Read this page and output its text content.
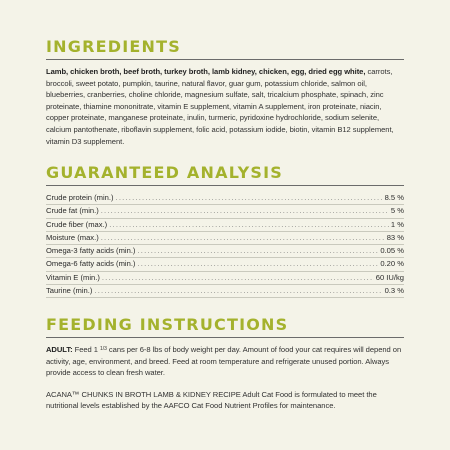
INGREDIENTS
Lamb, chicken broth, beef broth, turkey broth, lamb kidney, chicken, egg, dried egg white, carrots, broccoli, sweet potato, pumpkin, taurine, natural flavor, guar gum, potassium chloride, salmon oil, blueberries, cranberries, choline chloride, magnesium sulfate, salt, tricalcium phosphate, spinach, zinc proteinate, thiamine mononitrate, vitamin E supplement, vitamin A supplement, iron proteinate, niacin, copper proteinate, manganese proteinate, inulin, turmeric, pyridoxine hydrochloride, sodium selenite, calcium pantothenate, riboflavin supplement, folic acid, potassium iodide, biotin, vitamin B12 supplement, vitamin D3 supplement.
GUARANTEED ANALYSIS
Crude protein (min.) .....	8.5 %
Crude fat (min.) .....	5 %
Crude fiber (max.) .....	1 %
Moisture (max.) .....	83 %
Omega-3 fatty acids (min.) .....	0.05 %
Omega-6 fatty acids (min.) .....	0.20 %
Vitamin E (min.) .....	60 IU/kg
Taurine (min.) .....	0.3 %
FEEDING INSTRUCTIONS
ADULT: Feed 1 $^{1/3}$ cans per 6-8 lbs of body weight per day. Amount of food your cat requires will depend on activity, age, environment, and breed. Feed at room temperature and refrigerate unused portion. Always provide access to clean fresh water.
ACANA™ CHUNKS IN BROTH LAMB & KIDNEY RECIPE Adult Cat Food is formulated to meet the nutritional levels established by the AAFCO Cat Food Nutrient Profiles for maintenance.
